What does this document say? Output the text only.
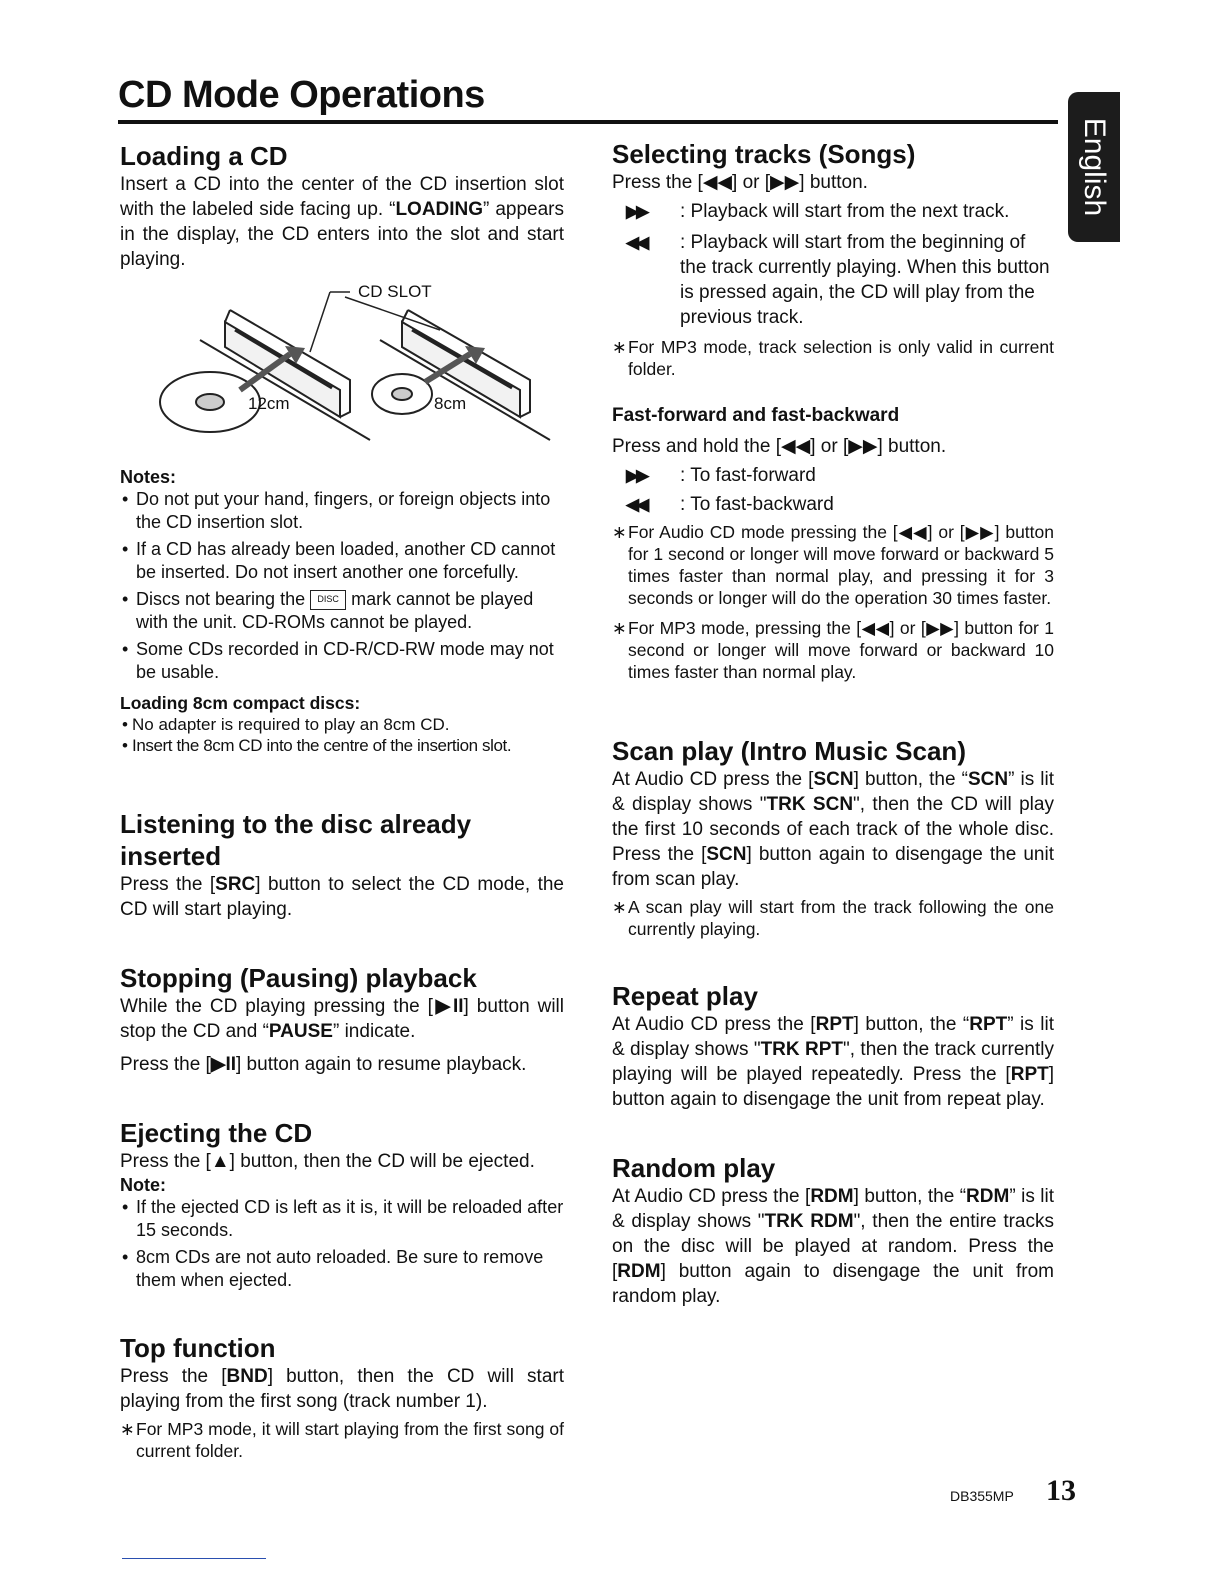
CD Mode Operations
English
Loading a CD

Insert a CD into the center of the CD insertion slot with the labeled side facing up. “LOADING” appears in the display, the CD enters into the slot and start playing.

CD SLOT
12cm	8cm
Notes:
• Do not put your hand, fingers, or foreign objects into the CD insertion slot.
• If a CD has already been loaded, another CD cannot be inserted. Do not insert another one forcefully.
• Discs not bearing the DISC mark cannot be played with the unit. CD-ROMs cannot be played.
• Some CDs recorded in CD-R/CD-RW mode may not be usable.
Loading 8cm compact discs:
• No adapter is required to play an 8cm CD.
• Insert the 8cm CD into the centre of the insertion slot.
Listening to the disc already inserted

Press the [SRC] button to select the CD mode, the CD will start playing.

Stopping (Pausing) playback

While the CD playing pressing the [▶II] button will stop the CD and “PAUSE” indicate.

Press the [▶II] button again to resume playback.

Ejecting the CD

Press the [▲] button, then the CD will be ejected.

Note:
• If the ejected CD is left as it is, it will be reloaded after 15 seconds.
• 8cm CDs are not auto reloaded. Be sure to remove them when ejected.
Top function

Press the [BND] button, then the CD will start playing from the first song (track number 1).

∗ For MP3 mode, it will start playing from the first song of current folder.
Selecting tracks (Songs)

Press the [◀◀] or [▶▶] button.

▶▶ : Playback will start from the next track.
◀◀ : Playback will start from the beginning of the track currently playing. When this button is pressed again, the CD will play from the previous track.
∗ For MP3 mode, track selection is only valid in current folder.
Fast-forward and fast-backward

Press and hold the [◀◀] or [▶▶] button.

▶▶ : To fast-forward
◀◀ : To fast-backward
∗ For Audio CD mode pressing the [◀◀] or [▶▶] button for 1 second or longer will move forward or backward 5 times faster than normal play, and pressing it for 3 seconds or longer will do the operation 30 times faster.
∗ For MP3 mode, pressing the [◀◀] or [▶▶] button for 1 second or longer will move forward or backward 10 times faster than normal play.
Scan play (Intro Music Scan)

At Audio CD press the [SCN] button, the “SCN” is lit & display shows "TRK SCN", then the CD will play the first 10 seconds of each track of the whole disc. Press the [SCN] button again to disengage the unit from scan play.

∗ A scan play will start from the track following the one currently playing.
Repeat play

At Audio CD press the [RPT] button, the “RPT” is lit & display shows "TRK RPT", then the track currently playing will be played repeatedly. Press the [RPT] button again to disengage the unit from repeat play.

Random play

At Audio CD press the [RDM] button, the “RDM” is lit & display shows "TRK RDM", then the entire tracks on the disc will be played at random. Press the [RDM] button again to disengage the unit from random play.

DB355MP 13
